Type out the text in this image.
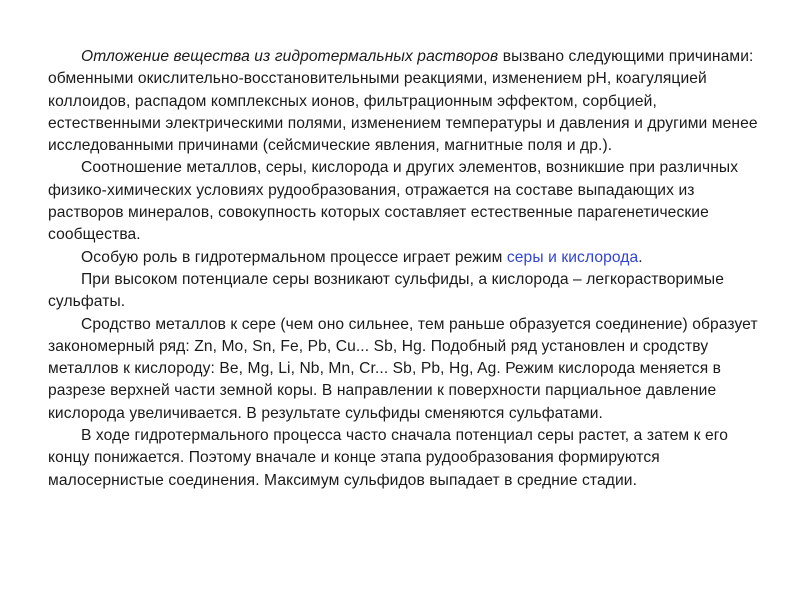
Отложение вещества из гидротермальных растворов вызвано следующими причинами: обменными окислительно-восстановительными реакциями, изменением рН, коагуляцией коллоидов, распадом комплексных ионов, фильтрационным эффектом, сорбцией, естественными электрическими полями, изменением температуры и давления и другими менее исследованными причинами (сейсмические явления, магнитные поля и др.).

Соотношение металлов, серы, кислорода и других элементов, возникшие при различных физико-химических условиях рудообразования, отражается на составе выпадающих из растворов минералов, совокупность которых составляет естественные парагенетические сообщества.

Особую роль в гидротермальном процессе играет режим серы и кислорода.

При высоком потенциале серы возникают сульфиды, а кислорода – легкорастворимые сульфаты.

Сродство металлов к сере (чем оно сильнее, тем раньше образуется соединение) образует закономерный ряд: Zn, Mo, Sn, Fe, Pb, Cu... Sb, Hg. Подобный ряд установлен и сродству металлов к кислороду: Be, Mg, Li, Nb, Mn, Cr... Sb, Pb, Hg, Ag. Режим кислорода меняется в разрезе верхней части земной коры. В направлении к поверхности парциальное давление кислорода увеличивается. В результате сульфиды сменяются сульфатами.

В ходе гидротермального процесса часто сначала потенциал серы растет, а затем к его концу понижается. Поэтому вначале и конце этапа рудообразования формируются малосернистые соединения. Максимум сульфидов выпадает в средние стадии.
